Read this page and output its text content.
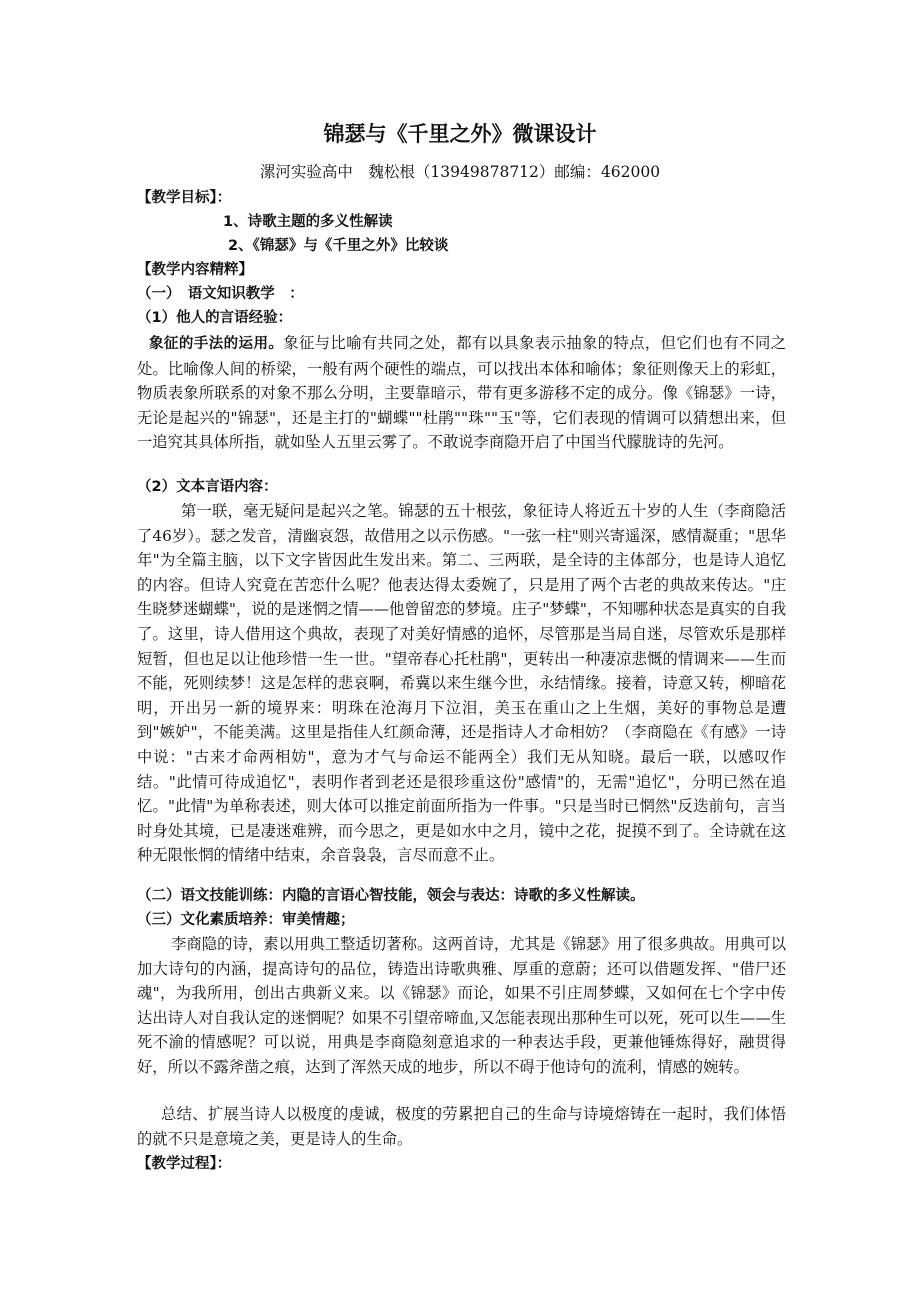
锦瑟与《千里之外》微课设计
漯河实验高中　魏松根（13949878712）邮编：462000
【教学目标】：
1、诗歌主题的多义性解读
2、《锦瑟》与《千里之外》比较谈
【教学内容精粹】
（一）　语文知识教学　：
（1）他人的言语经验：
象征的手法的运用。象征与比喻有共同之处，都有以具象表示抽象的特点，但它们也有不同之处。比喻像人间的桥梁，一般有两个硬性的端点，可以找出本体和喻体；象征则像天上的彩虹，物质表象所联系的对象不那么分明，主要靠暗示，带有更多游移不定的成分。像《锦瑟》一诗，无论是起兴的"锦瑟"，还是主打的"蝴蝶""杜鹃""珠""玉"等，它们表现的情调可以猜想出来，但一追究其具体所指，就如坠人五里云雾了。不敢说李商隐开启了中国当代朦胧诗的先河。
（2）文本言语内容：
第一联，毫无疑问是起兴之笔。锦瑟的五十根弦，象征诗人将近五十岁的人生（李商隐活了46岁）。瑟之发音，清幽哀怨，故借用之以示伤感。"一弦一柱"则兴寄遥深，感情凝重；"思华年"为全篇主脑，以下文字皆因此生发出来。第二、三两联，是全诗的主体部分，也是诗人追忆的内容。但诗人究竟在苦恋什么呢？他表达得太委婉了，只是用了两个古老的典故来传达。"庄生晓梦迷蝴蝶"，说的是迷惘之情——他曾留恋的梦境。庄子"梦蝶"，不知哪种状态是真实的自我了。这里，诗人借用这个典故，表现了对美好情感的追怀，尽管那是当局自迷，尽管欢乐是那样短暂，但也足以让他珍惜一生一世。"望帝春心托杜鹃"，更转出一种凄凉悲慨的情调来——生而不能，死则续梦！这是怎样的悲哀啊，希冀以来生继今世，永结情缘。接着，诗意又转，柳暗花明，开出另一新的境界来：明珠在沧海月下泣泪，美玉在重山之上生烟，美好的事物总是遭到"嫉妒"，不能美满。这里是指佳人红颜命薄，还是指诗人才命相妨？（李商隐在《有感》一诗中说："古来才命两相妨"，意为才气与命运不能两全）我们无从知晓。最后一联，以感叹作结。"此情可待成追忆"，表明作者到老还是很珍重这份"感情"的，无需"追忆"，分明已然在追忆。"此情"为单称表述，则大体可以推定前面所指为一件事。"只是当时已惘然"反迭前句，言当时身处其境，已是凄迷难辨，而今思之，更是如水中之月，镜中之花，捉摸不到了。全诗就在这种无限怅惘的情绪中结束，余音袅袅，言尽而意不止。
（二）语文技能训练：内隐的言语心智技能，领会与表达：诗歌的多义性解读。
（三）文化素质培养：审美情趣；
李商隐的诗，素以用典工整适切著称。这两首诗，尤其是《锦瑟》用了很多典故。用典可以加大诗句的内涵，提高诗句的品位，铸造出诗歌典雅、厚重的意蔚；还可以借题发挥、"借尸还魂"，为我所用，创出古典新义来。以《锦瑟》而论，如果不引庄周梦蝶，又如何在七个字中传达出诗人对自我认定的迷惘呢？如果不引望帝啼血,又怎能表现出那种生可以死，死可以生——生死不渝的情感呢？可以说，用典是李商隐刻意追求的一种表达手段，更兼他锤炼得好，融贯得好，所以不露斧凿之痕，达到了浑然天成的地步，所以不碍于他诗句的流利，情感的婉转。
总结、扩展当诗人以极度的虔诚，极度的劳累把自己的生命与诗境熔铸在一起时，我们体悟的就不只是意境之美，更是诗人的生命。
【教学过程】：
